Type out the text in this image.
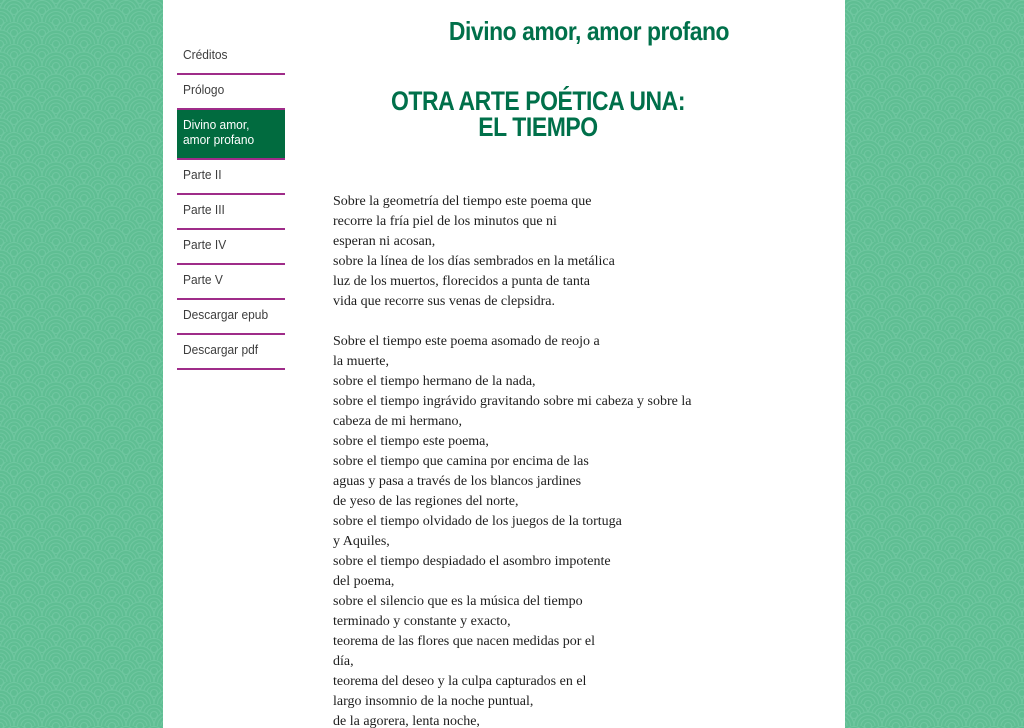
Créditos
Prólogo
Divino amor, amor profano
Parte II
Parte III
Parte IV
Parte V
Descargar epub
Descargar pdf
Divino amor, amor profano
OTRA ARTE POÉTICA UNA:
EL TIEMPO
Sobre la geometría del tiempo este poema que
recorre la fría piel de los minutos que ni
esperan ni acosan,
sobre la línea de los días sembrados en la metálica
luz de los muertos, florecidos a punta de tanta
vida que recorre sus venas de clepsidra.
Sobre el tiempo este poema asomado de reojo a
la muerte,
sobre el tiempo hermano de la nada,
sobre el tiempo ingrávido gravitando sobre mi cabeza y sobre la
cabeza de mi hermano,
sobre el tiempo este poema,
sobre el tiempo que camina por encima de las
aguas y pasa a través de los blancos jardines
de yeso de las regiones del norte,
sobre el tiempo olvidado de los juegos de la tortuga
y Aquiles,
sobre el tiempo despiadado el asombro impotente
del poema,
sobre el silencio que es la música del tiempo
terminado y constante y exacto,
teorema de las flores que nacen medidas por el
día,
teorema del deseo y la culpa capturados en el
largo insomnio de la noche puntual,
de la agorera, lenta noche,
